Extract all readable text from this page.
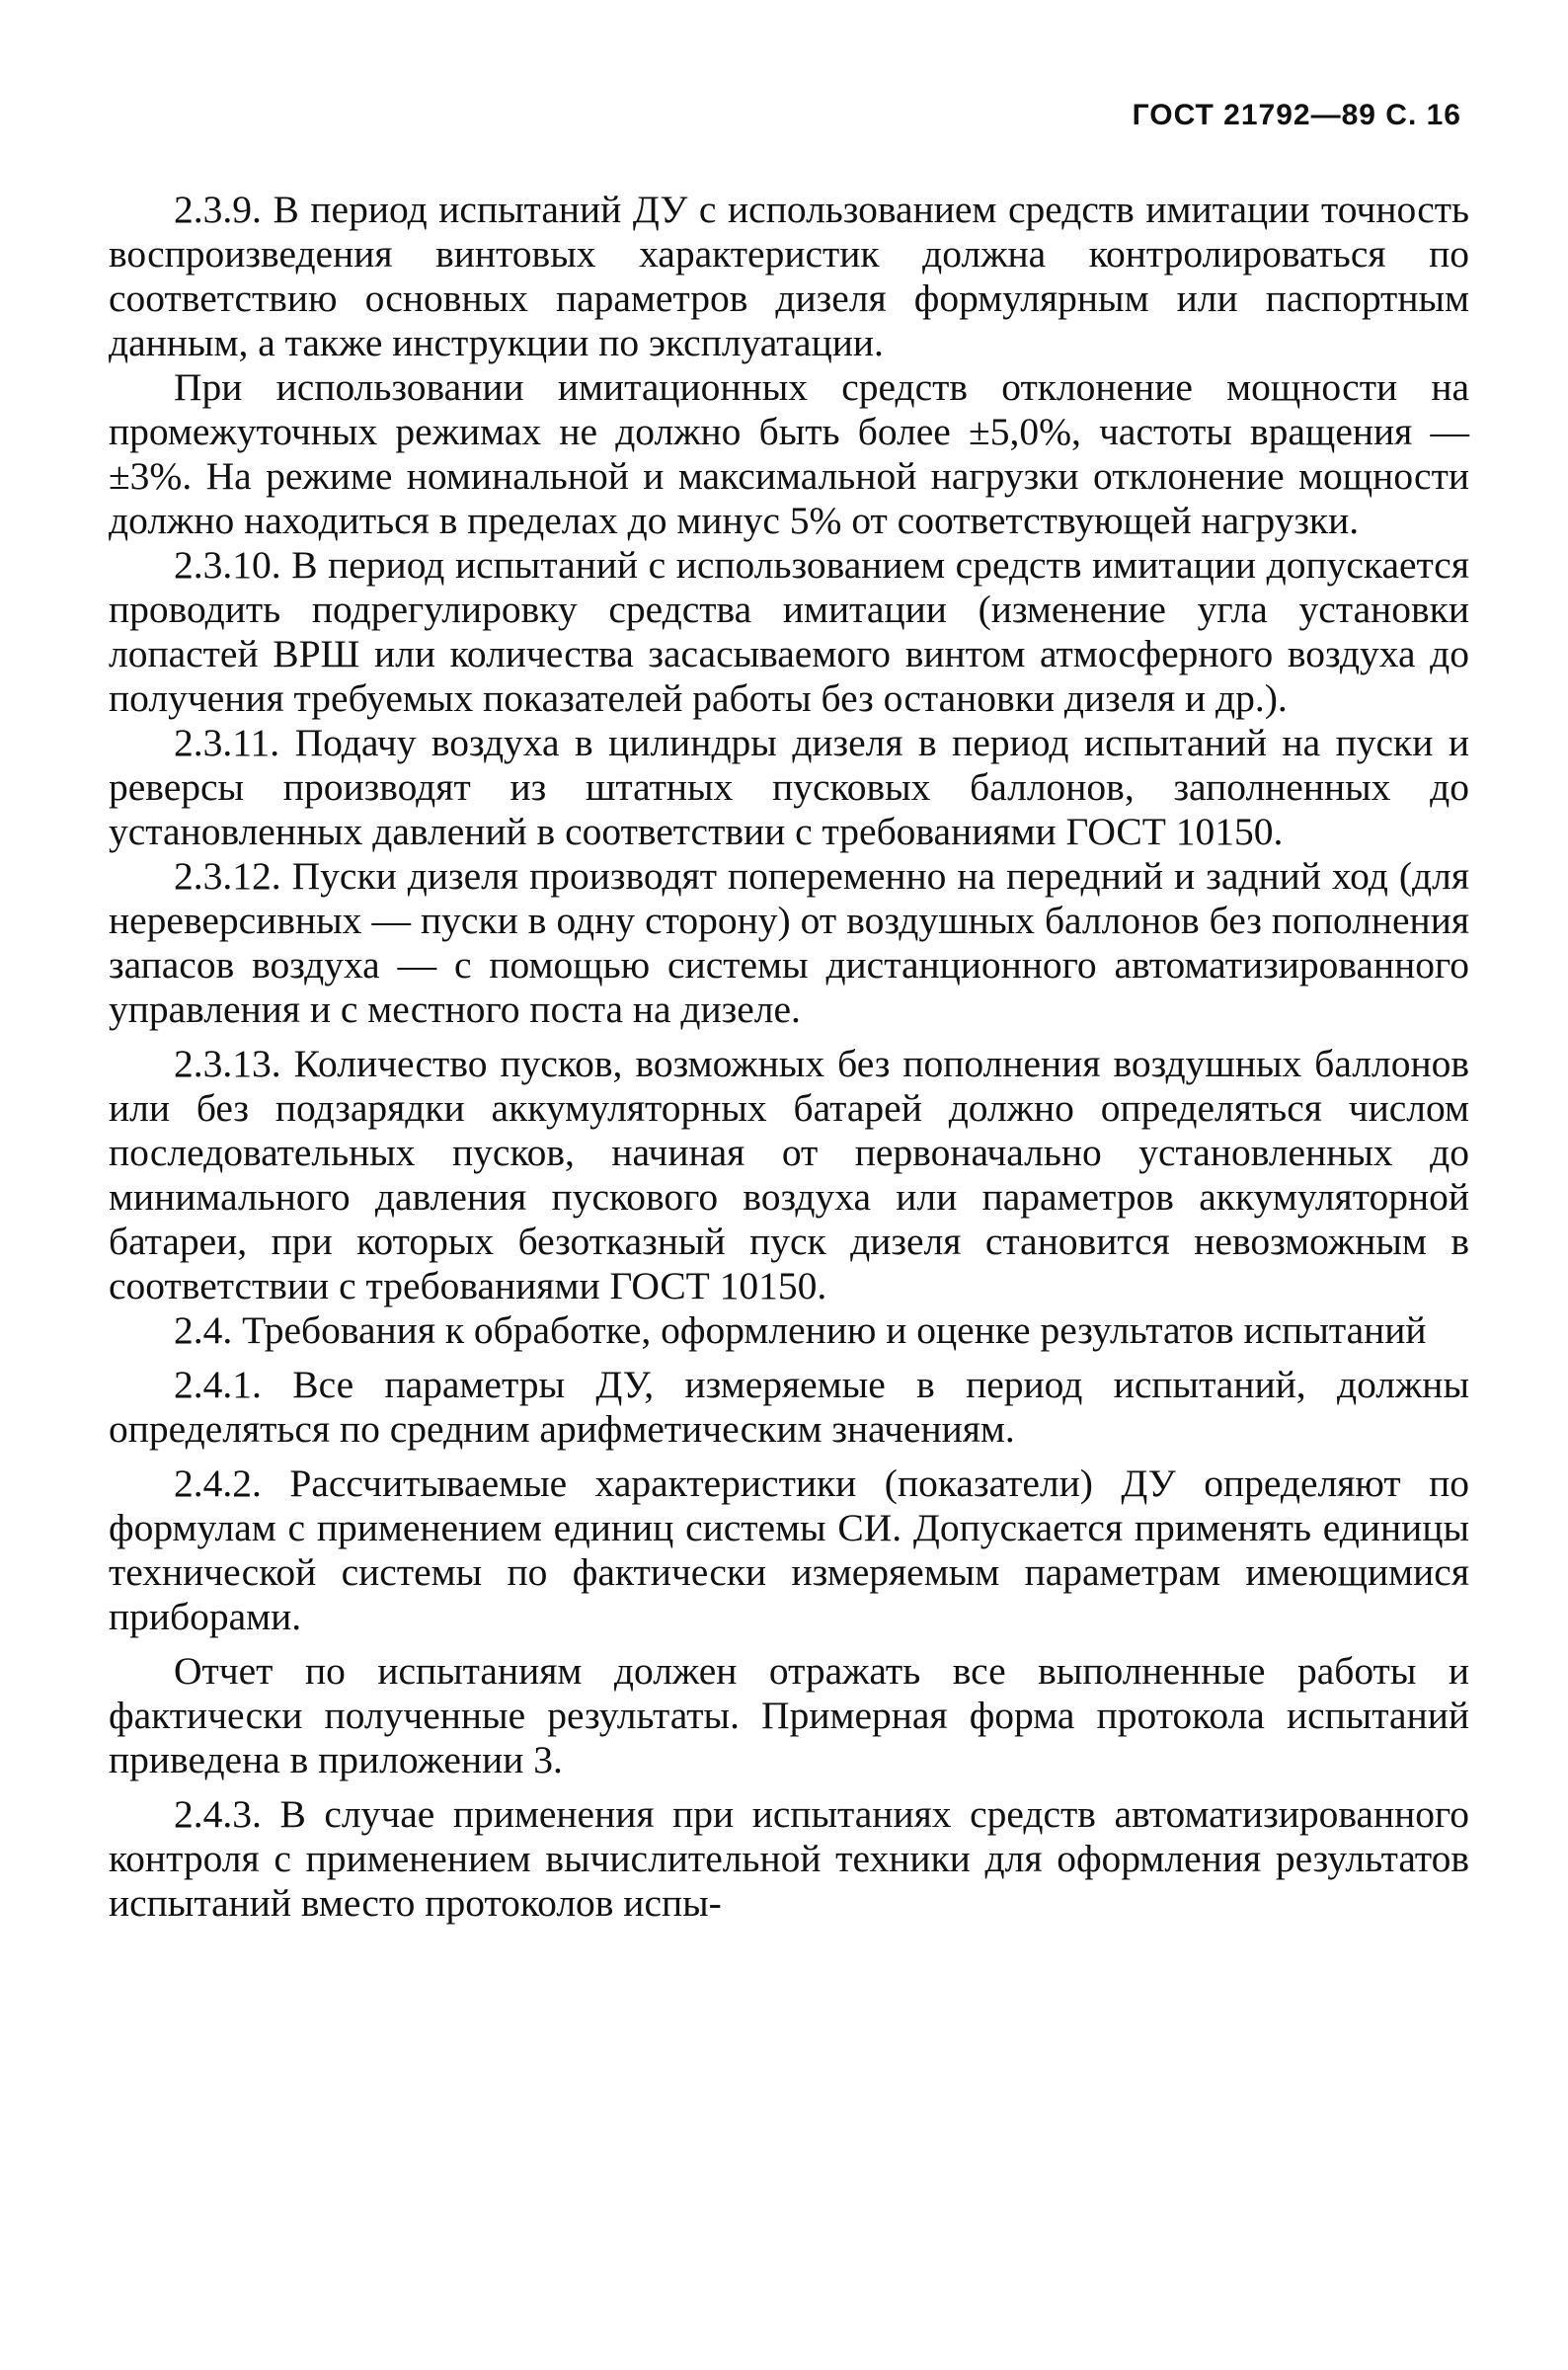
ГОСТ 21792—89 С. 16

2.3.9. В период испытаний ДУ с использованием средств имитации точность воспроизведения винтовых характеристик должна контролироваться по соответствию основных параметров дизеля формулярным или паспортным данным, а также инструкции по эксплуатации.

При использовании имитационных средств отклонение мощности на промежуточных режимах не должно быть более ±5,0%, частоты вращения —±3%. На режиме номинальной и максимальной нагрузки отклонение мощности должно находиться в пределах до минус 5% от соответствующей нагрузки.

2.3.10. В период испытаний с использованием средств имитации допускается проводить подрегулировку средства имитации (изменение угла установки лопастей ВРШ или количества засасываемого винтом атмосферного воздуха до получения требуемых показателей работы без остановки дизеля и др.).

2.3.11. Подачу воздуха в цилиндры дизеля в период испытаний на пуски и реверсы производят из штатных пусковых баллонов, заполненных до установленных давлений в соответствии с требованиями ГОСТ 10150.

2.3.12. Пуски дизеля производят попеременно на передний и задний ход (для нереверсивных — пуски в одну сторону) от воздушных баллонов без пополнения запасов воздуха — с помощью системы дистанционного автоматизированного управления и с местного поста на дизеле.

2.3.13. Количество пусков, возможных без пополнения воздушных баллонов или без подзарядки аккумуляторных батарей должно определяться числом последовательных пусков, начиная от первоначально установленных до минимального давления пускового воздуха или параметров аккумуляторной батареи, при которых безотказный пуск дизеля становится невозможным в соответствии с требованиями ГОСТ 10150.

2.4. Требования к обработке, оформлению и оценке результатов испытаний

2.4.1. Все параметры ДУ, измеряемые в период испытаний, должны определяться по средним арифметическим значениям.

2.4.2. Рассчитываемые характеристики (показатели) ДУ определяют по формулам с применением единиц системы СИ. Допускается применять единицы технической системы по фактически измеряемым параметрам имеющимися приборами.

Отчет по испытаниям должен отражать все выполненные работы и фактически полученные результаты. Примерная форма протокола испытаний приведена в приложении 3.

2.4.3. В случае применения при испытаниях средств автоматизированного контроля с применением вычислительной техники для оформления результатов испытаний вместо протоколов испы-
